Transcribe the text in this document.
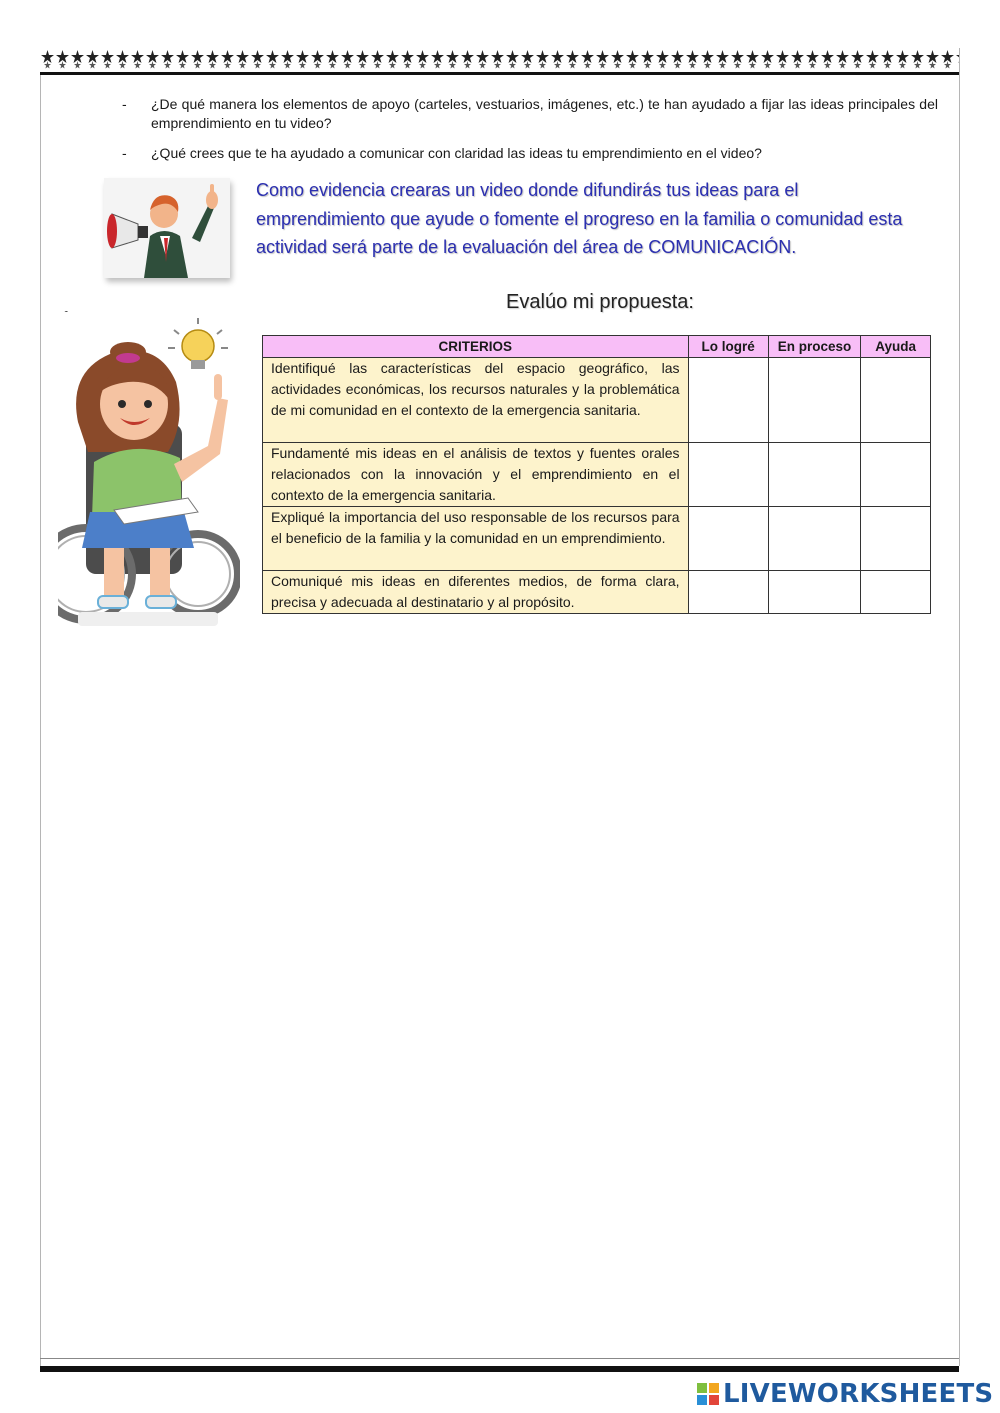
- ¿De qué manera los elementos de apoyo (carteles, vestuarios, imágenes, etc.) te han ayudado a fijar las ideas principales del emprendimiento en tu video?
- ¿Qué crees que te ha ayudado a comunicar con claridad las ideas tu emprendimiento en el video?
Como evidencia crearas un video donde difundirás tus ideas para el emprendimiento que ayude o fomente el progreso en la familia o comunidad esta actividad será parte de la evaluación del área de COMUNICACIÓN.
Evalúo mi propuesta:
CRITERIOS	Lo logré	En proceso	Ayuda
Identifiqué las características del espacio geográfico, las actividades económicas, los recursos naturales y la problemática de mi comunidad en el contexto de la emergencia sanitaria.			
Fundamenté mis ideas en el análisis de textos y fuentes orales relacionados con la innovación y el emprendimiento en el contexto de la emergencia sanitaria.			
Expliqué la importancia del uso responsable de los recursos para el beneficio de la familia y la comunidad en un emprendimiento.			
Comuniqué mis ideas en diferentes medios, de forma clara, precisa y adecuada al destinatario y al propósito.			
LIVEWORKSHEETS
